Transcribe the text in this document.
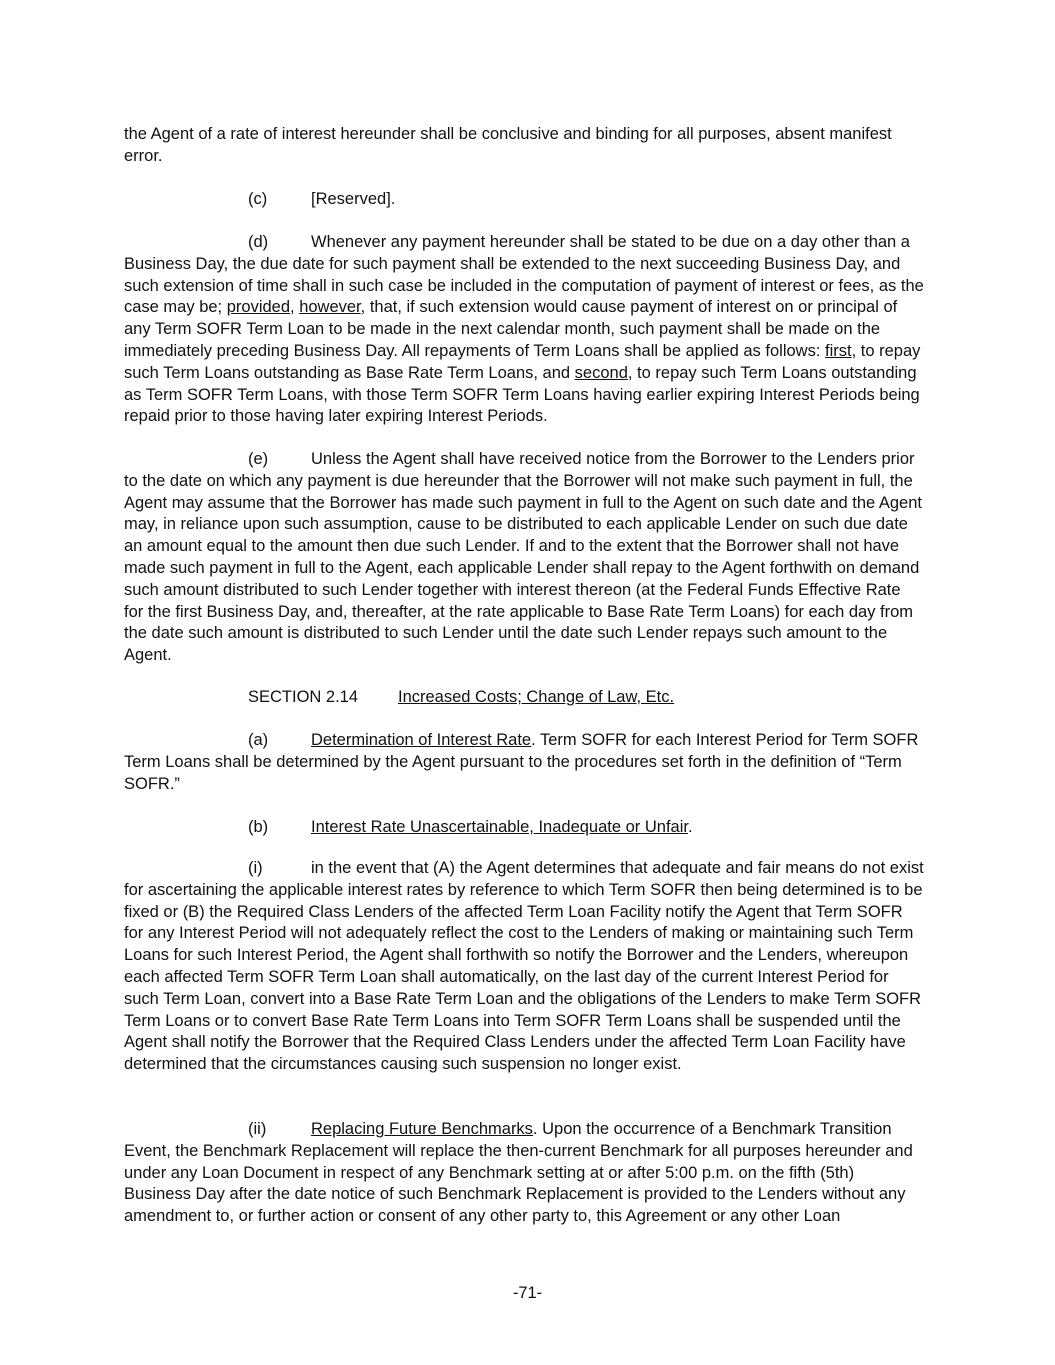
the Agent of a rate of interest hereunder shall be conclusive and binding for all purposes, absent manifest error.

(c)	[Reserved].

(d)	Whenever any payment hereunder shall be stated to be due on a day other than a Business Day, the due date for such payment shall be extended to the next succeeding Business Day, and such extension of time shall in such case be included in the computation of payment of interest or fees, as the case may be; provided, however, that, if such extension would cause payment of interest on or principal of any Term SOFR Term Loan to be made in the next calendar month, such payment shall be made on the immediately preceding Business Day. All repayments of Term Loans shall be applied as follows: first, to repay such Term Loans outstanding as Base Rate Term Loans, and second, to repay such Term Loans outstanding as Term SOFR Term Loans, with those Term SOFR Term Loans having earlier expiring Interest Periods being repaid prior to those having later expiring Interest Periods.

(e)	Unless the Agent shall have received notice from the Borrower to the Lenders prior to the date on which any payment is due hereunder that the Borrower will not make such payment in full, the Agent may assume that the Borrower has made such payment in full to the Agent on such date and the Agent may, in reliance upon such assumption, cause to be distributed to each applicable Lender on such due date an amount equal to the amount then due such Lender. If and to the extent that the Borrower shall not have made such payment in full to the Agent, each applicable Lender shall repay to the Agent forthwith on demand such amount distributed to such Lender together with interest thereon (at the Federal Funds Effective Rate for the first Business Day, and, thereafter, at the rate applicable to Base Rate Term Loans) for each day from the date such amount is distributed to such Lender until the date such Lender repays such amount to the Agent.

SECTION 2.14 Increased Costs; Change of Law, Etc.

(a)	Determination of Interest Rate. Term SOFR for each Interest Period for Term SOFR Term Loans shall be determined by the Agent pursuant to the procedures set forth in the definition of “Term SOFR.”

(b)	Interest Rate Unascertainable, Inadequate or Unfair.

(i)	in the event that (A) the Agent determines that adequate and fair means do not exist for ascertaining the applicable interest rates by reference to which Term SOFR then being determined is to be fixed or (B) the Required Class Lenders of the affected Term Loan Facility notify the Agent that Term SOFR for any Interest Period will not adequately reflect the cost to the Lenders of making or maintaining such Term Loans for such Interest Period, the Agent shall forthwith so notify the Borrower and the Lenders, whereupon each affected Term SOFR Term Loan shall automatically, on the last day of the current Interest Period for such Term Loan, convert into a Base Rate Term Loan and the obligations of the Lenders to make Term SOFR Term Loans or to convert Base Rate Term Loans into Term SOFR Term Loans shall be suspended until the Agent shall notify the Borrower that the Required Class Lenders under the affected Term Loan Facility have determined that the circumstances causing such suspension no longer exist.

(ii)	Replacing Future Benchmarks. Upon the occurrence of a Benchmark Transition Event, the Benchmark Replacement will replace the then-current Benchmark for all purposes hereunder and under any Loan Document in respect of any Benchmark setting at or after 5:00 p.m. on the fifth (5th) Business Day after the date notice of such Benchmark Replacement is provided to the Lenders without any amendment to, or further action or consent of any other party to, this Agreement or any other Loan

-71-
